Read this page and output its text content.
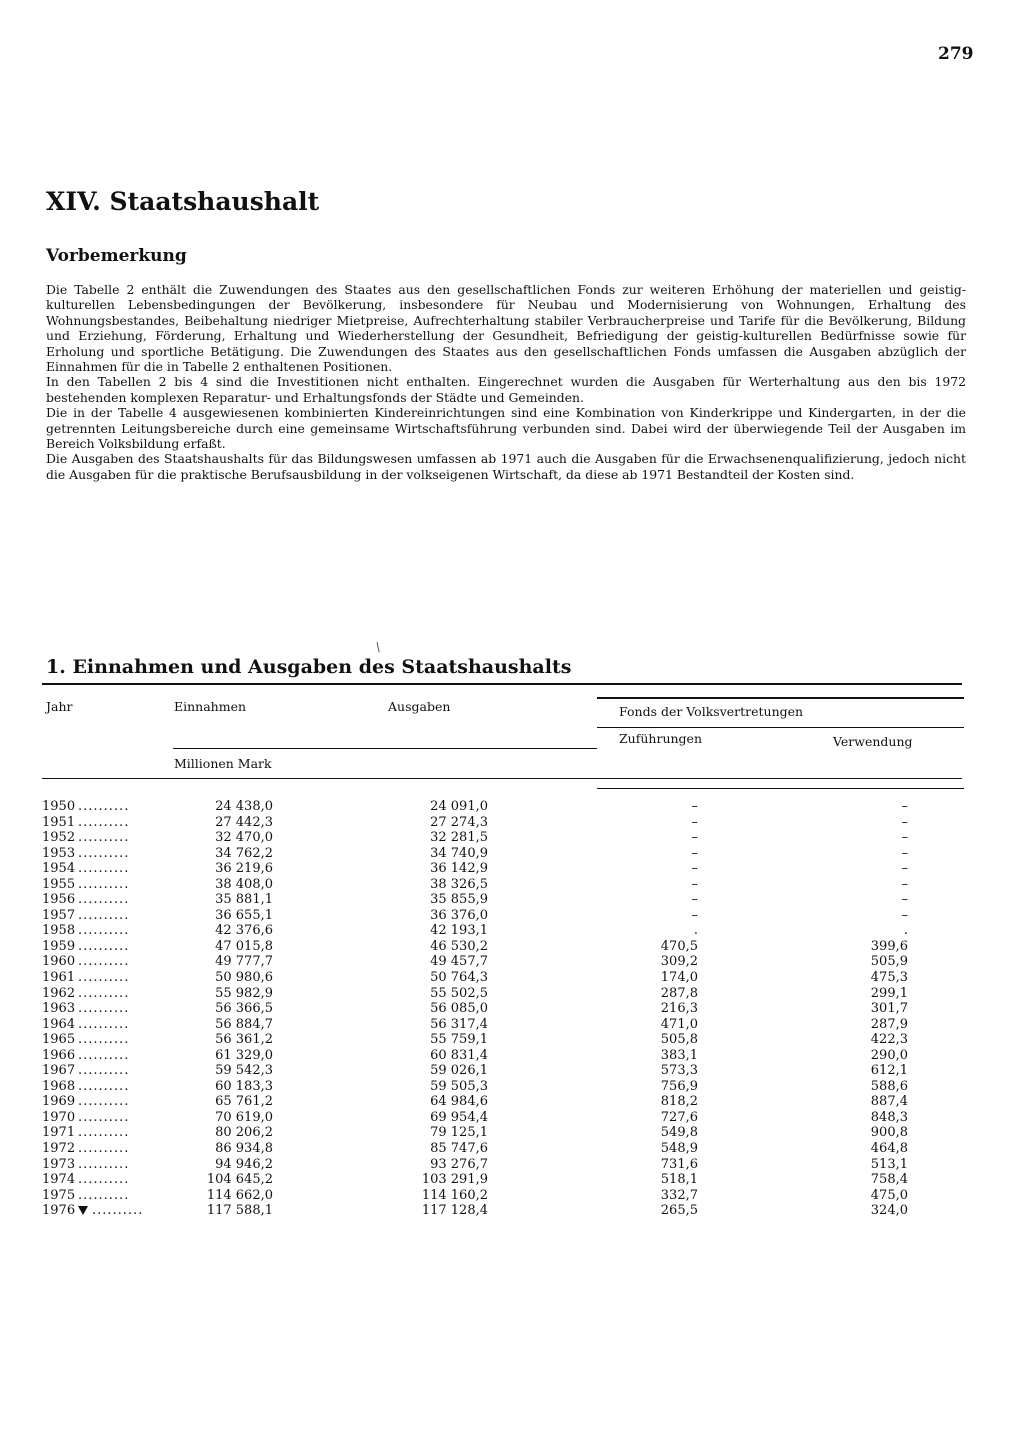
279
XIV. Staatshaushalt
Vorbemerkung

Die Tabelle 2 enthält die Zuwendungen des Staates aus den gesellschaftlichen Fonds zur weiteren Erhöhung der materiellen und geistig-kulturellen Lebensbedingungen der Bevölkerung, insbesondere für Neubau und Modernisierung von Wohnungen, Erhaltung des Wohnungsbestandes, Beibehaltung niedriger Mietpreise, Aufrechterhaltung stabiler Verbraucherpreise und Tarife für die Bevölkerung, Bildung und Erziehung, Förderung, Erhaltung und Wiederherstellung der Gesundheit, Befriedigung der geistig-kulturellen Bedürfnisse sowie für Erholung und sportliche Betätigung. Die Zuwendungen des Staates aus den gesellschaftlichen Fonds umfassen die Ausgaben abzüglich der Einnahmen für die in Tabelle 2 enthaltenen Positionen.

In den Tabellen 2 bis 4 sind die Investitionen nicht enthalten. Eingerechnet wurden die Ausgaben für Werterhaltung aus den bis 1972 bestehenden komplexen Reparatur- und Erhaltungsfonds der Städte und Gemeinden.

Die in der Tabelle 4 ausgewiesenen kombinierten Kindereinrichtungen sind eine Kombination von Kinderkrippe und Kindergarten, in der die getrennten Leitungsbereiche durch eine gemeinsame Wirtschaftsführung verbunden sind. Dabei wird der überwiegende Teil der Ausgaben im Bereich Volksbildung erfaßt.

Die Ausgaben des Staatshaushalts für das Bildungswesen umfassen ab 1971 auch die Ausgaben für die Erwachsenenqualifizierung, jedoch nicht die Ausgaben für die praktische Berufsausbildung in der volkseigenen Wirtschaft, da diese ab 1971 Bestandteil der Kosten sind.

/
1. Einnahmen und Ausgaben des Staatshaushalts
Jahr	Einnahmen	Ausgaben	Fonds der Volksvertretungen
Zuführungen	Verwendung
Millionen Mark
1950 ..........	24 438,0	24 091,0	–	–
1951 ..........	27 442,3	27 274,3	–	–
1952 ..........	32 470,0	32 281,5	–	–
1953 ..........	34 762,2	34 740,9	–	–
1954 ..........	36 219,6	36 142,9	–	–
1955 ..........	38 408,0	38 326,5	–	–
1956 ..........	35 881,1	35 855,9	–	–
1957 ..........	36 655,1	36 376,0	–	–
1958 ..........	42 376,6	42 193,1	.	.
1959 ..........	47 015,8	46 530,2	470,5	399,6
1960 ..........	49 777,7	49 457,7	309,2	505,9
1961 ..........	50 980,6	50 764,3	174,0	475,3
1962 ..........	55 982,9	55 502,5	287,8	299,1
1963 ..........	56 366,5	56 085,0	216,3	301,7
1964 ..........	56 884,7	56 317,4	471,0	287,9
1965 ..........	56 361,2	55 759,1	505,8	422,3
1966 ..........	61 329,0	60 831,4	383,1	290,0
1967 ..........	59 542,3	59 026,1	573,3	612,1
1968 ..........	60 183,3	59 505,3	756,9	588,6
1969 ..........	65 761,2	64 984,6	818,2	887,4
1970 ..........	70 619,0	69 954,4	727,6	848,3
1971 ..........	80 206,2	79 125,1	549,8	900,8
1972 ..........	86 934,8	85 747,6	548,9	464,8
1973 ..........	94 946,2	93 276,7	731,6	513,1
1974 ..........	104 645,2	103 291,9	518,1	758,4
1975 ..........	114 662,0	114 160,2	332,7	475,0
1976 ..........	117 588,1	117 128,4	265,5	324,0
